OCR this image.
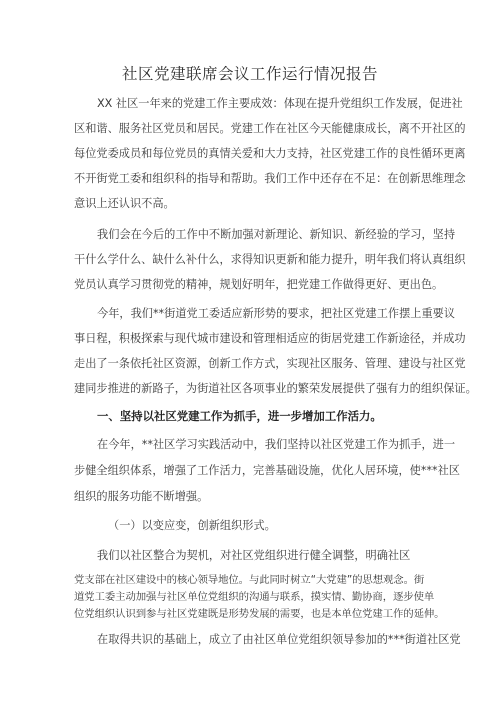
社区党建联席会议工作运行情况报告

XX 社区一年来的党建工作主要成效：体现在提升党组织工作发展，促进社

区和谐、服务社区党员和居民。党建工作在社区今天能健康成长，离不开社区的

每位党委成员和每位党员的真情关爱和大力支持，社区党建工作的良性循环更离

不开街党工委和组织科的指导和帮助。我们工作中还存在不足：在创新思维理念

意识上还认识不高。

我们会在今后的工作中不断加强对新理论、新知识、新经验的学习，坚持

干什么学什么、缺什么补什么，求得知识更新和能力提升，明年我们将认真组织

党员认真学习贯彻党的精神，规划好明年，把党建工作做得更好、更出色。

今年，我们**街道党工委适应新形势的要求，把社区党建工作摆上重要议

事日程，积极探索与现代城市建设和管理相适应的街居党建工作新途径，并成功

走出了一条依托社区资源，创新工作方式，实现社区服务、管理、建设与社区党

建同步推进的新路子，为街道社区各项事业的繁荣发展提供了强有力的组织保证。

一、坚持以社区党建工作为抓手，进一步增加工作活力。

在今年，**社区学习实践活动中，我们坚持以社区党建工作为抓手，进一

步健全组织体系，增强了工作活力，完善基础设施，优化人居环境，使***社区

组织的服务功能不断增强。

（一）以变应变，创新组织形式。

我们以社区整合为契机，对社区党组织进行健全调整，明确社区

党支部在社区建设中的核心领导地位。与此同时树立“大党建”的思想观念。街

道党工委主动加强与社区单位党组织的沟通与联系，摸实情、勤协商，逐步使单

位党组织认识到参与社区党建既是形势发展的需要，也是本单位党建工作的延伸。

在取得共识的基础上，成立了由社区单位党组织领导参加的***街道社区党
